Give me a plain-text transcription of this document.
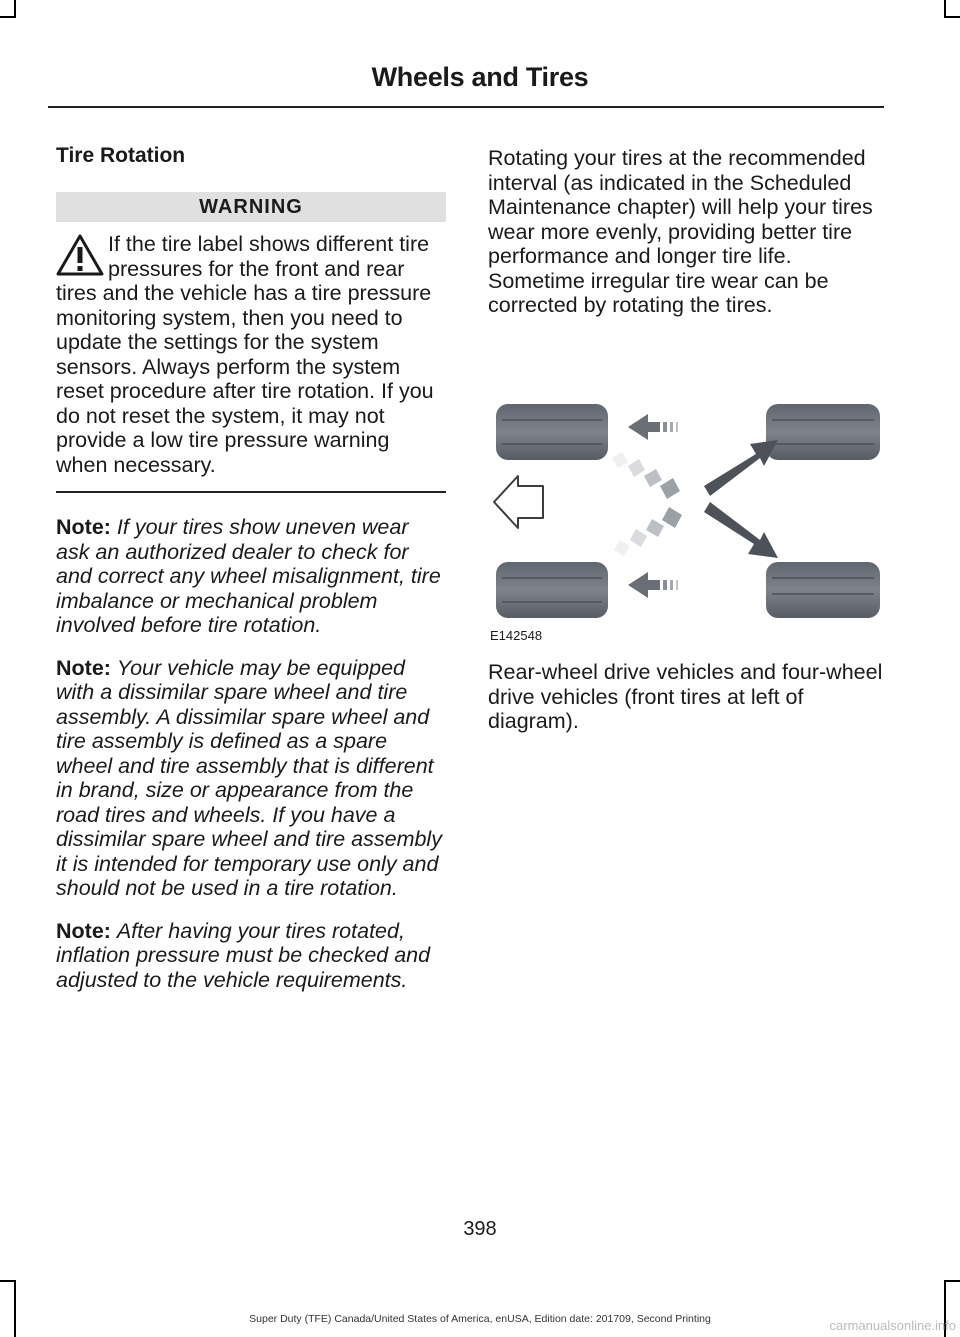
Wheels and Tires
Tire Rotation
WARNING
If the tire label shows different tire pressures for the front and rear tires and the vehicle has a tire pressure monitoring system, then you need to update the settings for the system sensors. Always perform the system reset procedure after tire rotation. If you do not reset the system, it may not provide a low tire pressure warning when necessary.
Note: If your tires show uneven wear ask an authorized dealer to check for and correct any wheel misalignment, tire imbalance or mechanical problem involved before tire rotation.
Note: Your vehicle may be equipped with a dissimilar spare wheel and tire assembly. A dissimilar spare wheel and tire assembly is defined as a spare wheel and tire assembly that is different in brand, size or appearance from the road tires and wheels. If you have a dissimilar spare wheel and tire assembly it is intended for temporary use only and should not be used in a tire rotation.
Note: After having your tires rotated, inflation pressure must be checked and adjusted to the vehicle requirements.

Rotating your tires at the recommended interval (as indicated in the Scheduled Maintenance chapter) will help your tires wear more evenly, providing better tire performance and longer tire life. Sometime irregular tire wear can be corrected by rotating the tires.

E142548
Rear-wheel drive vehicles and four-wheel drive vehicles (front tires at left of diagram).
398
Super Duty (TFE) Canada/United States of America, enUSA, Edition date: 201709, Second Printing	carmanualsonline.info
